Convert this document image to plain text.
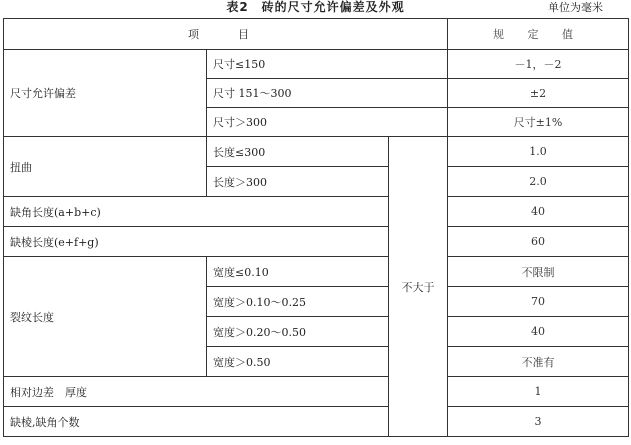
表2　砖的尺寸允许偏差及外观	单位为毫米
项　目			规 定 值
尺寸允许偏差	尺寸≤150		－1，－2
	尺寸 151～300		±2
	尺寸＞300		尺寸±1%
扭曲	长度≤300	不大于	1.0
	长度＞300		2.0
缺角长度(a+b+c)			40
缺棱长度(e+f+g)			60
裂纹长度	宽度≤0.10		不限制
	宽度＞0.10～0.25		70
	宽度＞0.20～0.50		40
	宽度＞0.50		不准有
相对边差　厚度			1
缺棱,缺角个数			3
